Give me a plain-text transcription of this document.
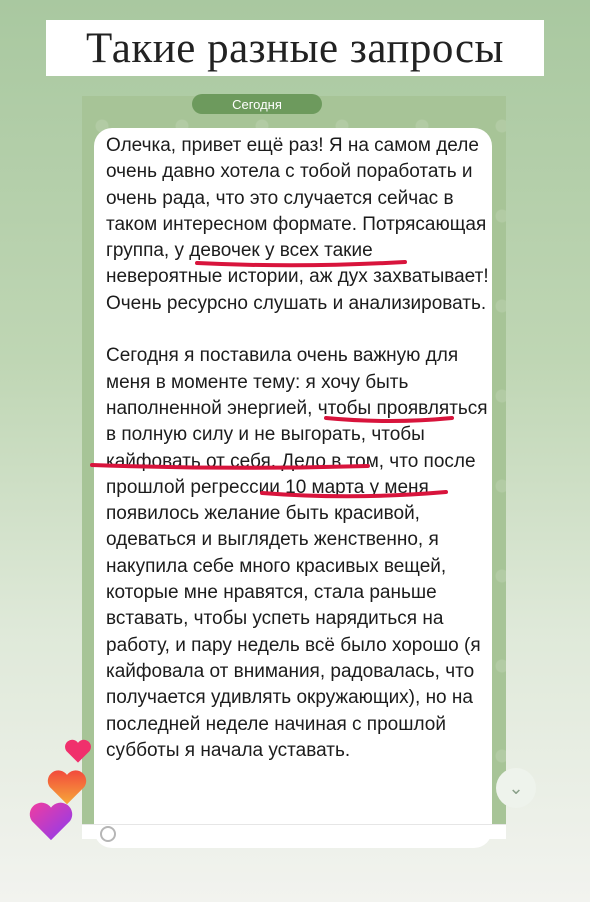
Такие разные запросы
Сегодня
Олечка, привет ещё раз! Я на самом деле очень давно хотела с тобой поработать и очень рада, что это случается сейчас в таком интересном формате. Потрясающая группа, у девочек у всех такие невероятные истории, аж дух захватывает! Очень ресурсно слушать и анализировать.

Сегодня я поставила очень важную для меня в моменте тему: я хочу быть наполненной энергией, чтобы проявляться в полную силу и не выгорать, чтобы кайфовать от себя. Дело в том, что после прошлой регрессии 10 марта у меня появилось желание быть красивой, одеваться и выглядеть женственно, я накупила себе много красивых вещей, которые мне нравятся, стала раньше вставать, чтобы успеть нарядиться на работу, и пару недель всё было хорошо (я кайфовала от внимания, радовалась, что получается удивлять окружающих), но на последней неделе начиная с прошлой субботы я начала уставать.
⌄
